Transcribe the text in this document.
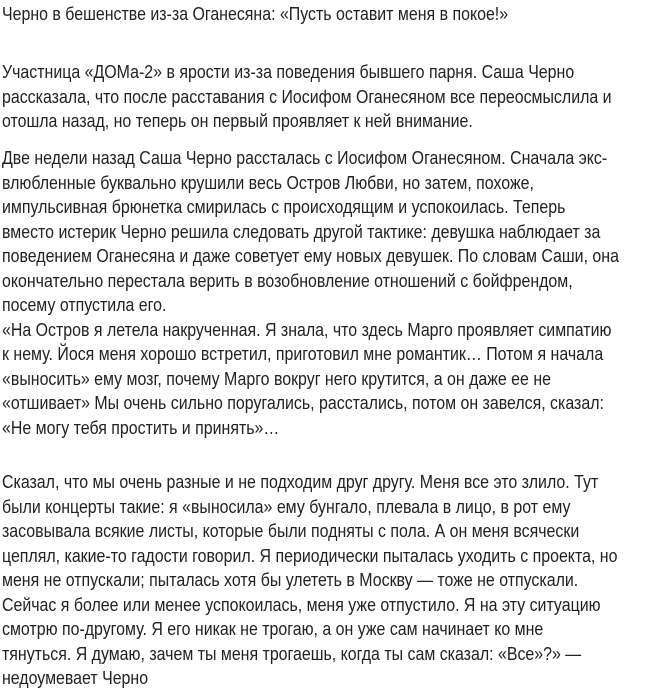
Черно в бешенстве из-за Оганесяна: «Пусть оставит меня в покое!»
Участница «ДОМа-2» в ярости из-за поведения бывшего парня. Саша Черно
рассказала, что после расставания с Иосифом Оганесяном все переосмыслила и
отошла назад, но теперь он первый проявляет к ней внимание.
Две недели назад Саша Черно рассталась с Иосифом Оганесяном. Сначала экс-
влюбленные буквально крушили весь Остров Любви, но затем, похоже,
импульсивная брюнетка смирилась с происходящим и успокоилась. Теперь
вместо истерик Черно решила следовать другой тактике: девушка наблюдает за
поведением Оганесяна и даже советует ему новых девушек. По словам Саши, она
окончательно перестала верить в возобновление отношений с бойфрендом,
посему отпустила его.
«На Остров я летела накрученная. Я знала, что здесь Марго проявляет симпатию
к нему. Йося меня хорошо встретил, приготовил мне романтик… Потом я начала
«выносить» ему мозг, почему Марго вокруг него крутится, а он даже ее не
«отшивает» Мы очень сильно поругались, расстались, потом он завелся, сказал:
«Не могу тебя простить и принять»…
Сказал, что мы очень разные и не подходим друг другу. Меня все это злило. Тут
были концерты такие: я «выносила» ему бунгало, плевала в лицо, в рот ему
засовывала всякие листы, которые были подняты с пола. А он меня всячески
цеплял, какие-то гадости говорил. Я периодически пыталась уходить с проекта, но
меня не отпускали; пыталась хотя бы улететь в Москву — тоже не отпускали.
Сейчас я более или менее успокоилась, меня уже отпустило. Я на эту ситуацию
смотрю по-другому. Я его никак не трогаю, а он уже сам начинает ко мне
тянуться. Я думаю, зачем ты меня трогаешь, когда ты сам сказал: «Все»?» —
недоумевает Черно
